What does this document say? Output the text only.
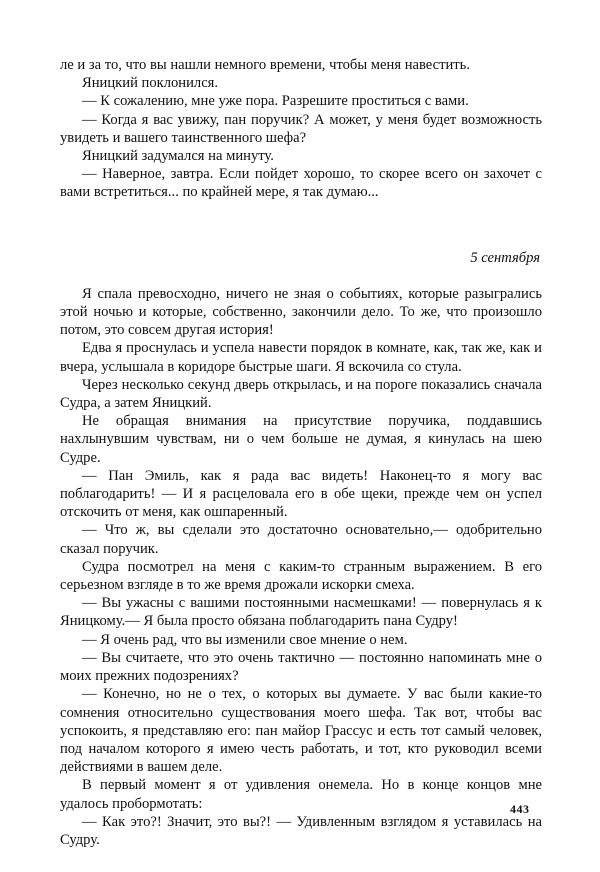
ле и за то, что вы нашли немного времени, чтобы меня навестить.

Яницкий поклонился.

— К сожалению, мне уже пора. Разрешите проститься с вами.

— Когда я вас увижу, пан поручик? А может, у меня будет возможность увидеть и вашего таинственного шефа?

Яницкий задумался на минуту.

— Наверное, завтра. Если пойдет хорошо, то скорее всего он захочет с вами встретиться... по крайней мере, я так думаю...

5 сентября

Я спала превосходно, ничего не зная о событиях, которые разыгрались этой ночью и которые, собственно, закончили дело. То же, что произошло потом, это совсем другая история!

Едва я проснулась и успела навести порядок в комнате, как, так же, как и вчера, услышала в коридоре быстрые шаги. Я вскочила со стула.

Через несколько секунд дверь открылась, и на пороге показались сначала Судра, а затем Яницкий.

Не обращая внимания на присутствие поручика, поддавшись нахлынувшим чувствам, ни о чем больше не думая, я кинулась на шею Судре.

— Пан Эмиль, как я рада вас видеть! Наконец-то я могу вас поблагодарить! — И я расцеловала его в обе щеки, прежде чем он успел отскочить от меня, как ошпаренный.

— Что ж, вы сделали это достаточно основательно,— одобрительно сказал поручик.

Судра посмотрел на меня с каким-то странным выражением. В его серьезном взгляде в то же время дрожали искорки смеха.

— Вы ужасны с вашими постоянными насмешками! — повернулась я к Яницкому.— Я была просто обязана поблагодарить пана Судру!

— Я очень рад, что вы изменили свое мнение о нем.

— Вы считаете, что это очень тактично — постоянно напоминать мне о моих прежних подозрениях?

— Конечно, но не о тех, о которых вы думаете. У вас были какие-то сомнения относительно существования моего шефа. Так вот, чтобы вас успокоить, я представляю его: пан майор Грассус и есть тот самый человек, под началом которого я имею честь работать, и тот, кто руководил всеми действиями в вашем деле.

В первый момент я от удивления онемела. Но в конце концов мне удалось пробормотать:

— Как это?! Значит, это вы?! — Удивленным взглядом я уставилась на Судру.

443
